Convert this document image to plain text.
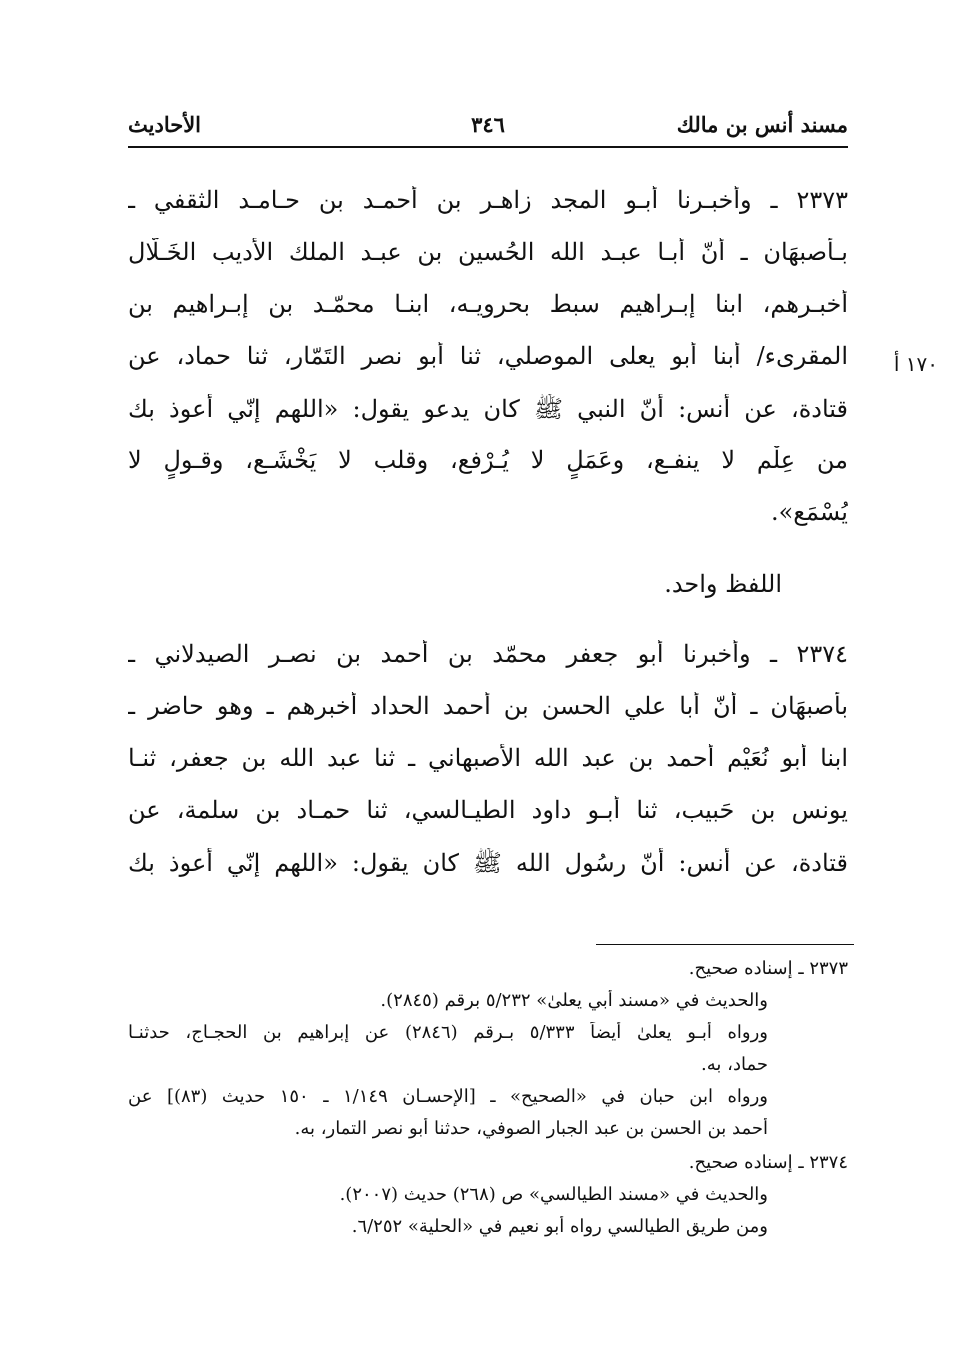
مسند أنس بن مالك
٣٤٦
الأحاديث
١٧٠ أ
٢٣٧٣ ـ وأخبـرنا أبـو المجد زاهـر بن أحمـد بن حـامـد الثقفي ـ
بـأصبهَان ـ أنّ أبـا عبـد الله الحُسين بن عبـد الملك الأديب الخَـلّال
أخبـرهم، ابنا إبـراهيم سبط بحرويـه، ابنـا محمّـد بن إبـراهيم بن
المقرىء/ أبنا أبو يعلى الموصلي، ثنا أبو نصر التَمّار، ثنا حماد، عن
قتادة، عن أنس: أنّ النبي ﷺ كان يدعو يقول: «اللهم إنّي أعوذ بك
من عِلْم لا ينفـع، وعَمَلٍ لا يُـرْفع، وقلب لا يَخْشَـع، وقـولٍ لا
يُسْمَع».
اللفظ واحد.
٢٣٧٤ ـ وأخبرنا أبو جعفر محمّد بن أحمد بن نصـر الصيدلاني ـ
بأصبهَان ـ أنّ أبا علي الحسن بن أحمد الحداد أخبرهم ـ وهو حاضر ـ
ابنا أبو نُعَيْم أحمد بن عبد الله الأصبهاني ـ ثنا عبد الله بن جعفر، ثنـا
يونس بن حَبيب، ثنا أبـو داود الطيـالسي، ثنا حمـاد بن سلمة، عن
قتادة، عن أنس: أنّ رسُول الله ﷺ كان يقول: «اللهم إنّي أعوذ بك
٢٣٧٣ ـ إسناده صحيح.
والحديث في «مسند أبي يعلىٰ» ٥/٢٣٢ برقم (٢٨٤٥).
ورواه أبـو يعلىٰ أيضاً ٥/٣٣٣ بـرقم (٢٨٤٦) عن إبراهيم بن الحجـاج، حدثنـا
حماد، به.
ورواه ابن حبان في «الصحيح» ـ [الإحسـان ١/١٤٩ ـ ١٥٠ حديث (٨٣)] عن
أحمد بن الحسن بن عبد الجبار الصوفي، حدثنا أبو نصر التمار، به.
٢٣٧٤ ـ إسناده صحيح.
والحديث في «مسند الطيالسي» ص (٢٦٨) حديث (٢٠٠٧).
ومن طريق الطيالسي رواه أبو نعيم في «الحلية» ٦/٢٥٢.
